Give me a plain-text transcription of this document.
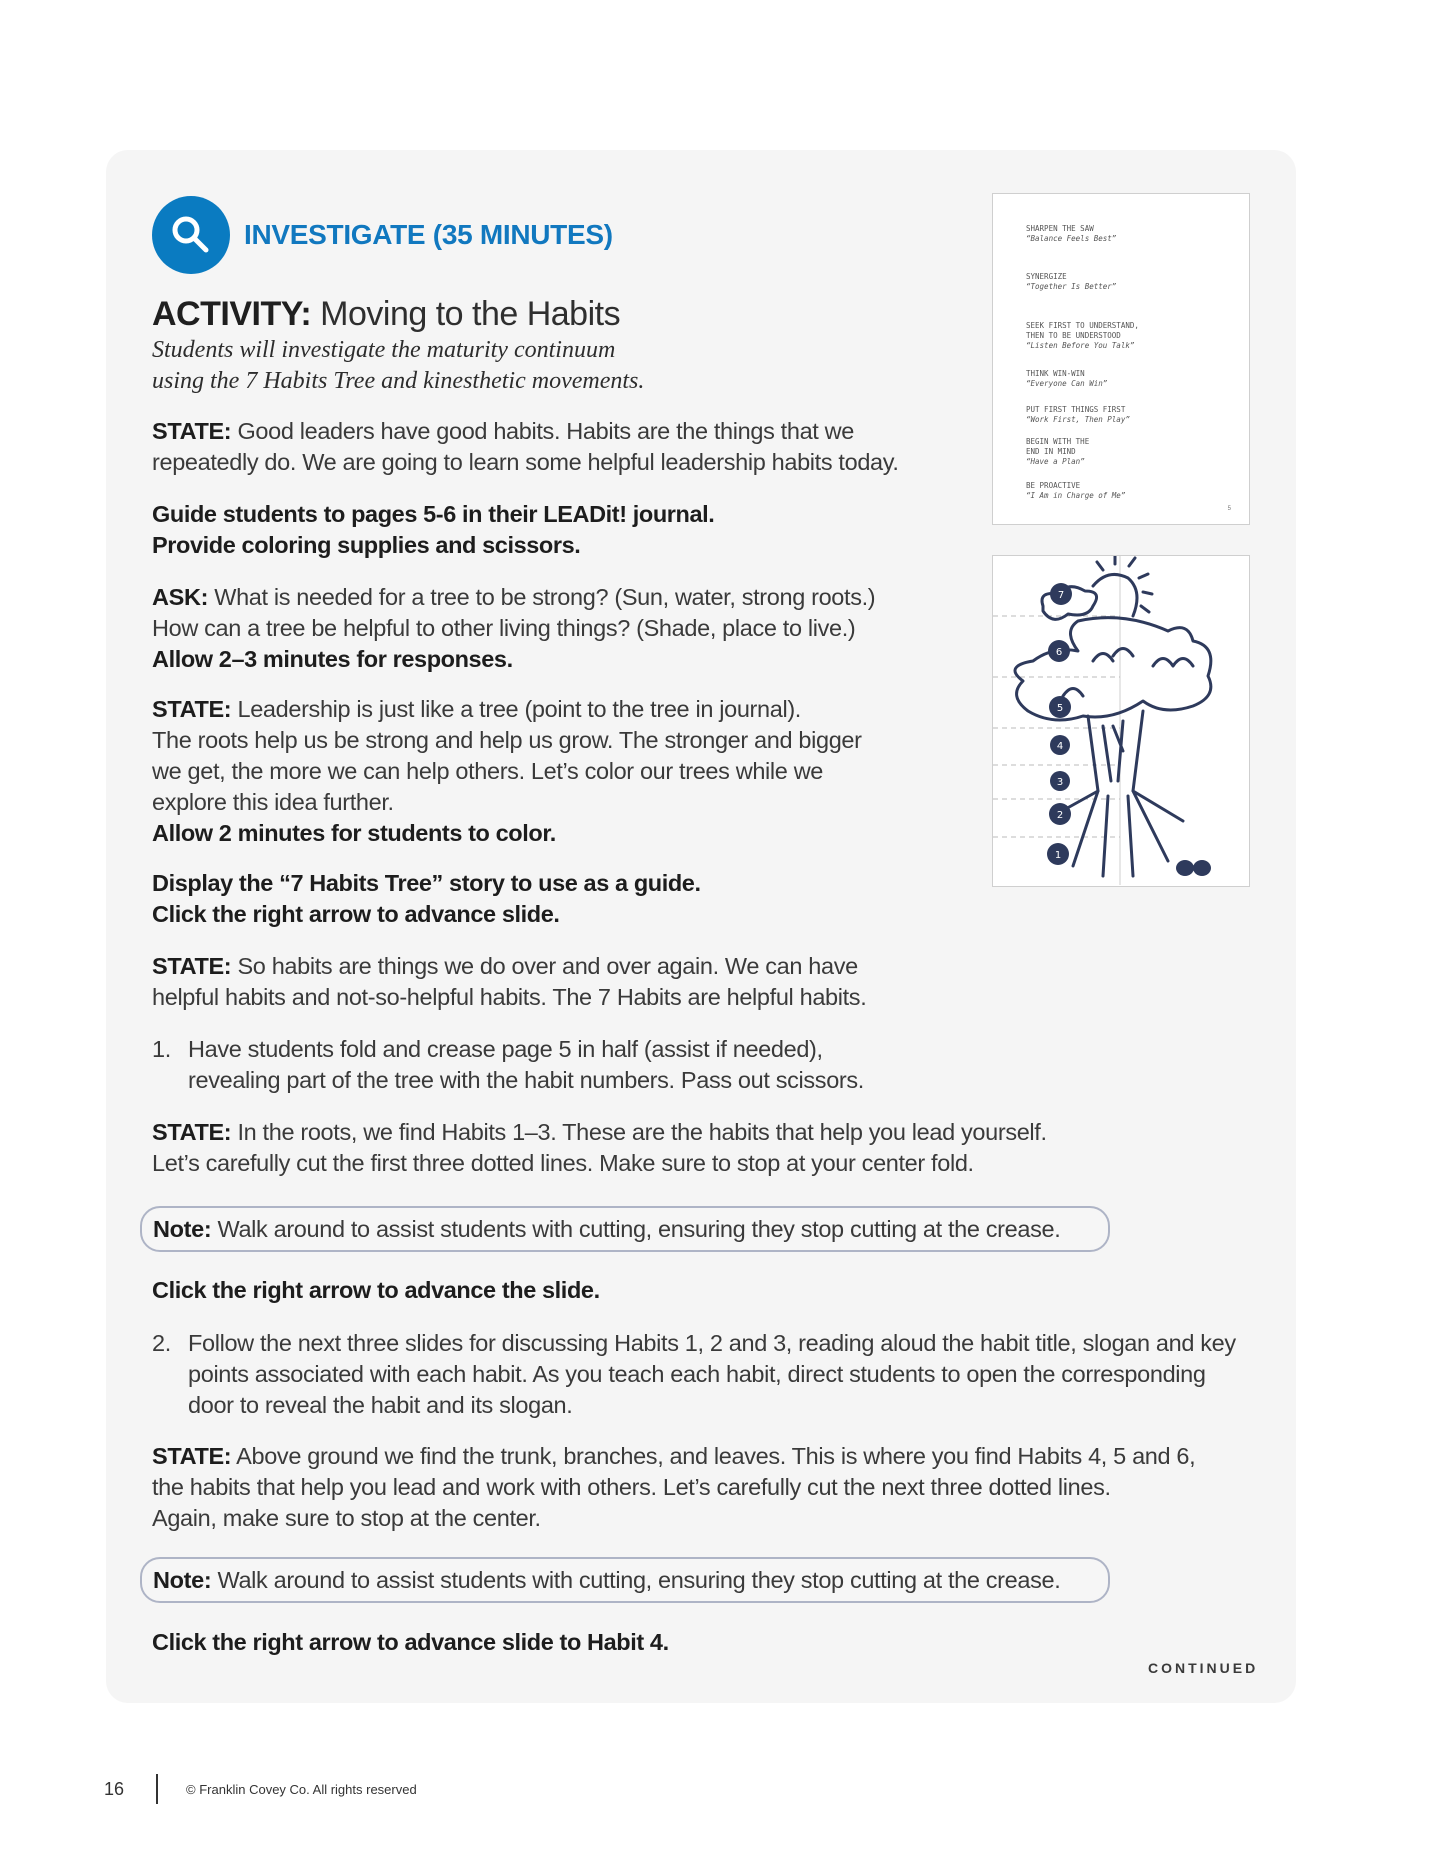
INVESTIGATE (35 MINUTES)
ACTIVITY: Moving to the Habits
Students will investigate the maturity continuum
using the 7 Habits Tree and kinesthetic movements.
STATE: Good leaders have good habits. Habits are the things that we
repeatedly do. We are going to learn some helpful leadership habits today.
Guide students to pages 5-6 in their LEADit! journal.
Provide coloring supplies and scissors.
ASK: What is needed for a tree to be strong? (Sun, water, strong roots.)
How can a tree be helpful to other living things? (Shade, place to live.)
Allow 2–3 minutes for responses.
STATE: Leadership is just like a tree (point to the tree in journal).
The roots help us be strong and help us grow. The stronger and bigger
we get, the more we can help others. Let’s color our trees while we
explore this idea further.
Allow 2 minutes for students to color.
Display the “7 Habits Tree” story to use as a guide.
Click the right arrow to advance slide.
STATE: So habits are things we do over and over again. We can have
helpful habits and not-so-helpful habits. The 7 Habits are helpful habits.
1. Have students fold and crease page 5 in half (assist if needed),
revealing part of the tree with the habit numbers. Pass out scissors.
STATE: In the roots, we find Habits 1–3. These are the habits that help you lead yourself.
Let’s carefully cut the first three dotted lines. Make sure to stop at your center fold.
Note: Walk around to assist students with cutting, ensuring they stop cutting at the crease.
Click the right arrow to advance the slide.
2. Follow the next three slides for discussing Habits 1, 2 and 3, reading aloud the habit title, slogan and key
points associated with each habit. As you teach each habit, direct students to open the corresponding
door to reveal the habit and its slogan.
STATE: Above ground we find the trunk, branches, and leaves. This is where you find Habits 4, 5 and 6,
the habits that help you lead and work with others. Let’s carefully cut the next three dotted lines.
Again, make sure to stop at the center.
Note: Walk around to assist students with cutting, ensuring they stop cutting at the crease.
Click the right arrow to advance slide to Habit 4.
CONTINUED
SHARPEN THE SAW
“Balance Feels Best”
SYNERGIZE
“Together Is Better”
SEEK FIRST TO UNDERSTAND, THEN TO BE UNDERSTOOD
“Listen Before You Talk”
THINK WIN-WIN
“Everyone Can Win”
PUT FIRST THINGS FIRST
“Work First, Then Play”
BEGIN WITH THE END IN MIND
“Have a Plan”
BE PROACTIVE
“I Am in Charge of Me”
5
7
6
5
4
3
2
1
16	© Franklin Covey Co. All rights reserved
